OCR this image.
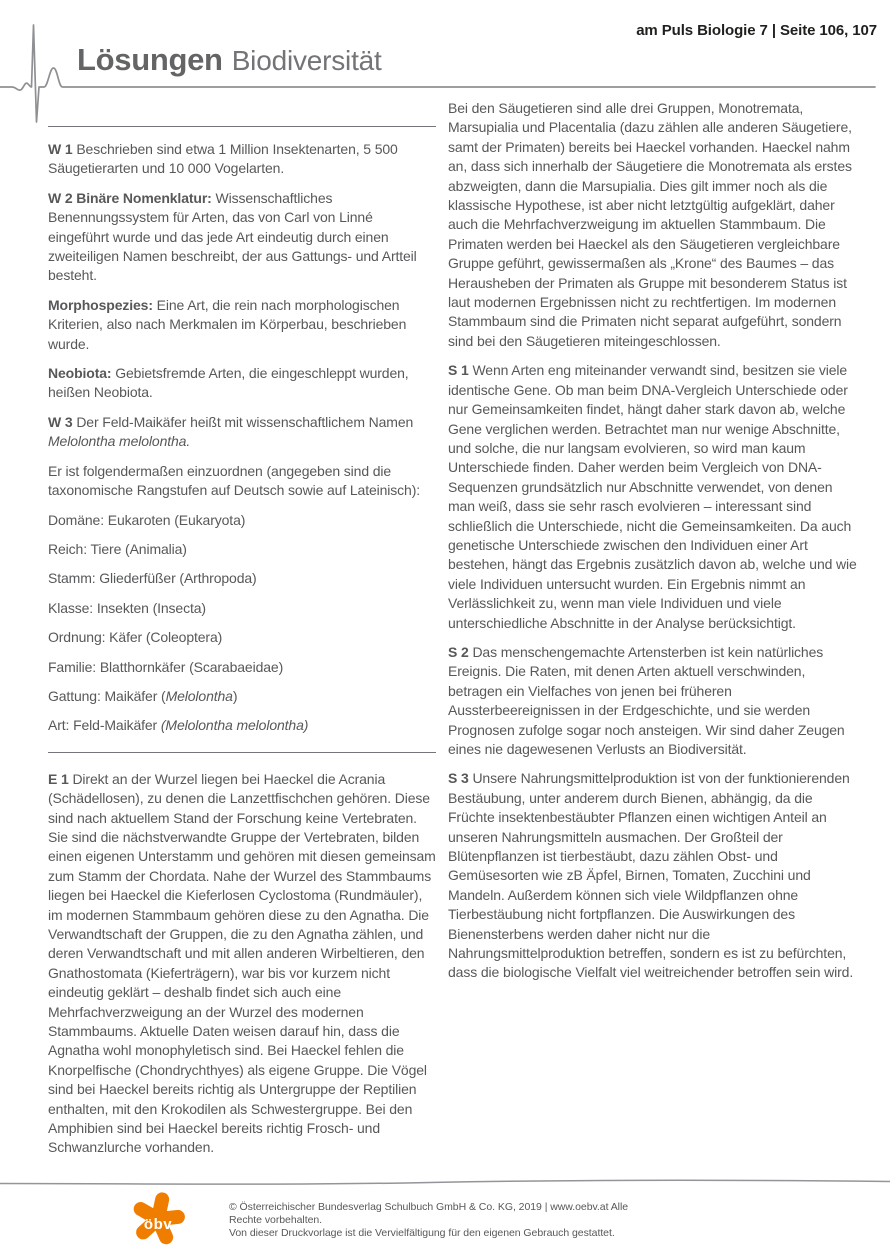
am Puls Biologie 7 | Seite 106, 107
Lösungen Biodiversität

W 1 Beschrieben sind etwa 1 Million Insektenarten, 5 500 Säugetierarten und 10 000 Vogelarten.

W 2 Binäre Nomenklatur: Wissenschaftliches Benennungssystem für Arten, das von Carl von Linné eingeführt wurde und das jede Art eindeutig durch einen zweiteiligen Namen beschreibt, der aus Gattungs- und Artteil besteht.

Morphospezies: Eine Art, die rein nach morphologischen Kriterien, also nach Merkmalen im Körperbau, beschrieben wurde.

Neobiota: Gebietsfremde Arten, die eingeschleppt wurden, heißen Neobiota.

W 3 Der Feld-Maikäfer heißt mit wissenschaftlichem Namen Melolontha melolontha.

Er ist folgendermaßen einzuordnen (angegeben sind die taxonomische Rangstufen auf Deutsch sowie auf Lateinisch):

Domäne: Eukaroten (Eukaryota)

Reich: Tiere (Animalia)

Stamm: Gliederfüßer (Arthropoda)

Klasse: Insekten (Insecta)

Ordnung: Käfer (Coleoptera)

Familie: Blatthornkäfer (Scarabaeidae)

Gattung: Maikäfer (Melolontha)

Art: Feld-Maikäfer (Melolontha melolontha)

E 1 Direkt an der Wurzel liegen bei Haeckel die Acrania (Schädellosen), zu denen die Lanzettfischchen gehören. Diese sind nach aktuellem Stand der Forschung keine Vertebraten. Sie sind die nächstverwandte Gruppe der Vertebraten, bilden einen eigenen Unterstamm und gehören mit diesen gemeinsam zum Stamm der Chordata. Nahe der Wurzel des Stammbaums liegen bei Haeckel die Kieferlosen Cyclostoma (Rundmäuler), im modernen Stammbaum gehören diese zu den Agnatha. Die Verwandtschaft der Gruppen, die zu den Agnatha zählen, und deren Verwandtschaft und mit allen anderen Wirbeltieren, den Gnathostomata (Kieferträgern), war bis vor kurzem nicht eindeutig geklärt – deshalb findet sich auch eine Mehrfachverzweigung an der Wurzel des modernen Stammbaums. Aktuelle Daten weisen darauf hin, dass die Agnatha wohl monophyletisch sind. Bei Haeckel fehlen die Knorpelfische (Chondrychthyes) als eigene Gruppe. Die Vögel sind bei Haeckel bereits richtig als Untergruppe der Reptilien enthalten, mit den Krokodilen als Schwestergruppe. Bei den Amphibien sind bei Haeckel bereits richtig Frosch- und Schwanzlurche vorhanden.

Bei den Säugetieren sind alle drei Gruppen, Monotremata, Marsupialia und Placentalia (dazu zählen alle anderen Säugetiere, samt der Primaten) bereits bei Haeckel vorhanden. Haeckel nahm an, dass sich innerhalb der Säugetiere die Monotremata als erstes abzweigten, dann die Marsupialia. Dies gilt immer noch als die klassische Hypothese, ist aber nicht letztgültig aufgeklärt, daher auch die Mehrfachverzweigung im aktuellen Stammbaum. Die Primaten werden bei Haeckel als den Säugetieren vergleichbare Gruppe geführt, gewissermaßen als „Krone“ des Baumes – das Herausheben der Primaten als Gruppe mit besonderem Status ist laut modernen Ergebnissen nicht zu rechtfertigen. Im modernen Stammbaum sind die Primaten nicht separat aufgeführt, sondern sind bei den Säugetieren miteingeschlossen.

S 1 Wenn Arten eng miteinander verwandt sind, besitzen sie viele identische Gene. Ob man beim DNA-Vergleich Unterschiede oder nur Gemeinsamkeiten findet, hängt daher stark davon ab, welche Gene verglichen werden. Betrachtet man nur wenige Abschnitte, und solche, die nur langsam evolvieren, so wird man kaum Unterschiede finden. Daher werden beim Vergleich von DNA-Sequenzen grundsätzlich nur Abschnitte verwendet, von denen man weiß, dass sie sehr rasch evolvieren – interessant sind schließlich die Unterschiede, nicht die Gemeinsamkeiten. Da auch genetische Unterschiede zwischen den Individuen einer Art bestehen, hängt das Ergebnis zusätzlich davon ab, welche und wie viele Individuen untersucht wurden. Ein Ergebnis nimmt an Verlässlichkeit zu, wenn man viele Individuen und viele unterschiedliche Abschnitte in der Analyse berücksichtigt.

S 2 Das menschengemachte Artensterben ist kein natürliches Ereignis. Die Raten, mit denen Arten aktuell verschwinden, betragen ein Vielfaches von jenen bei früheren Aussterbeereignissen in der Erdgeschichte, und sie werden Prognosen zufolge sogar noch ansteigen. Wir sind daher Zeugen eines nie dagewesenen Verlusts an Biodiversität.

S 3 Unsere Nahrungsmittelproduktion ist von der funktionierenden Bestäubung, unter anderem durch Bienen, abhängig, da die Früchte insektenbestäubter Pflanzen einen wichtigen Anteil an unseren Nahrungsmitteln ausmachen. Der Großteil der Blütenpflanzen ist tierbestäubt, dazu zählen Obst- und Gemüsesorten wie zB Äpfel, Birnen, Tomaten, Zucchini und Mandeln. Außerdem können sich viele Wildpflanzen ohne Tierbestäubung nicht fortpflanzen. Die Auswirkungen des Bienensterbens werden daher nicht nur die Nahrungsmittelproduktion betreffen, sondern es ist zu befürchten, dass die biologische Vielfalt viel weitreichender betroffen sein wird.

öbv
© Österreichischer Bundesverlag Schulbuch GmbH & Co. KG, 2019 | www.oebv.at Alle
Rechte vorbehalten.
Von dieser Druckvorlage ist die Vervielfältigung für den eigenen Gebrauch gestattet.
